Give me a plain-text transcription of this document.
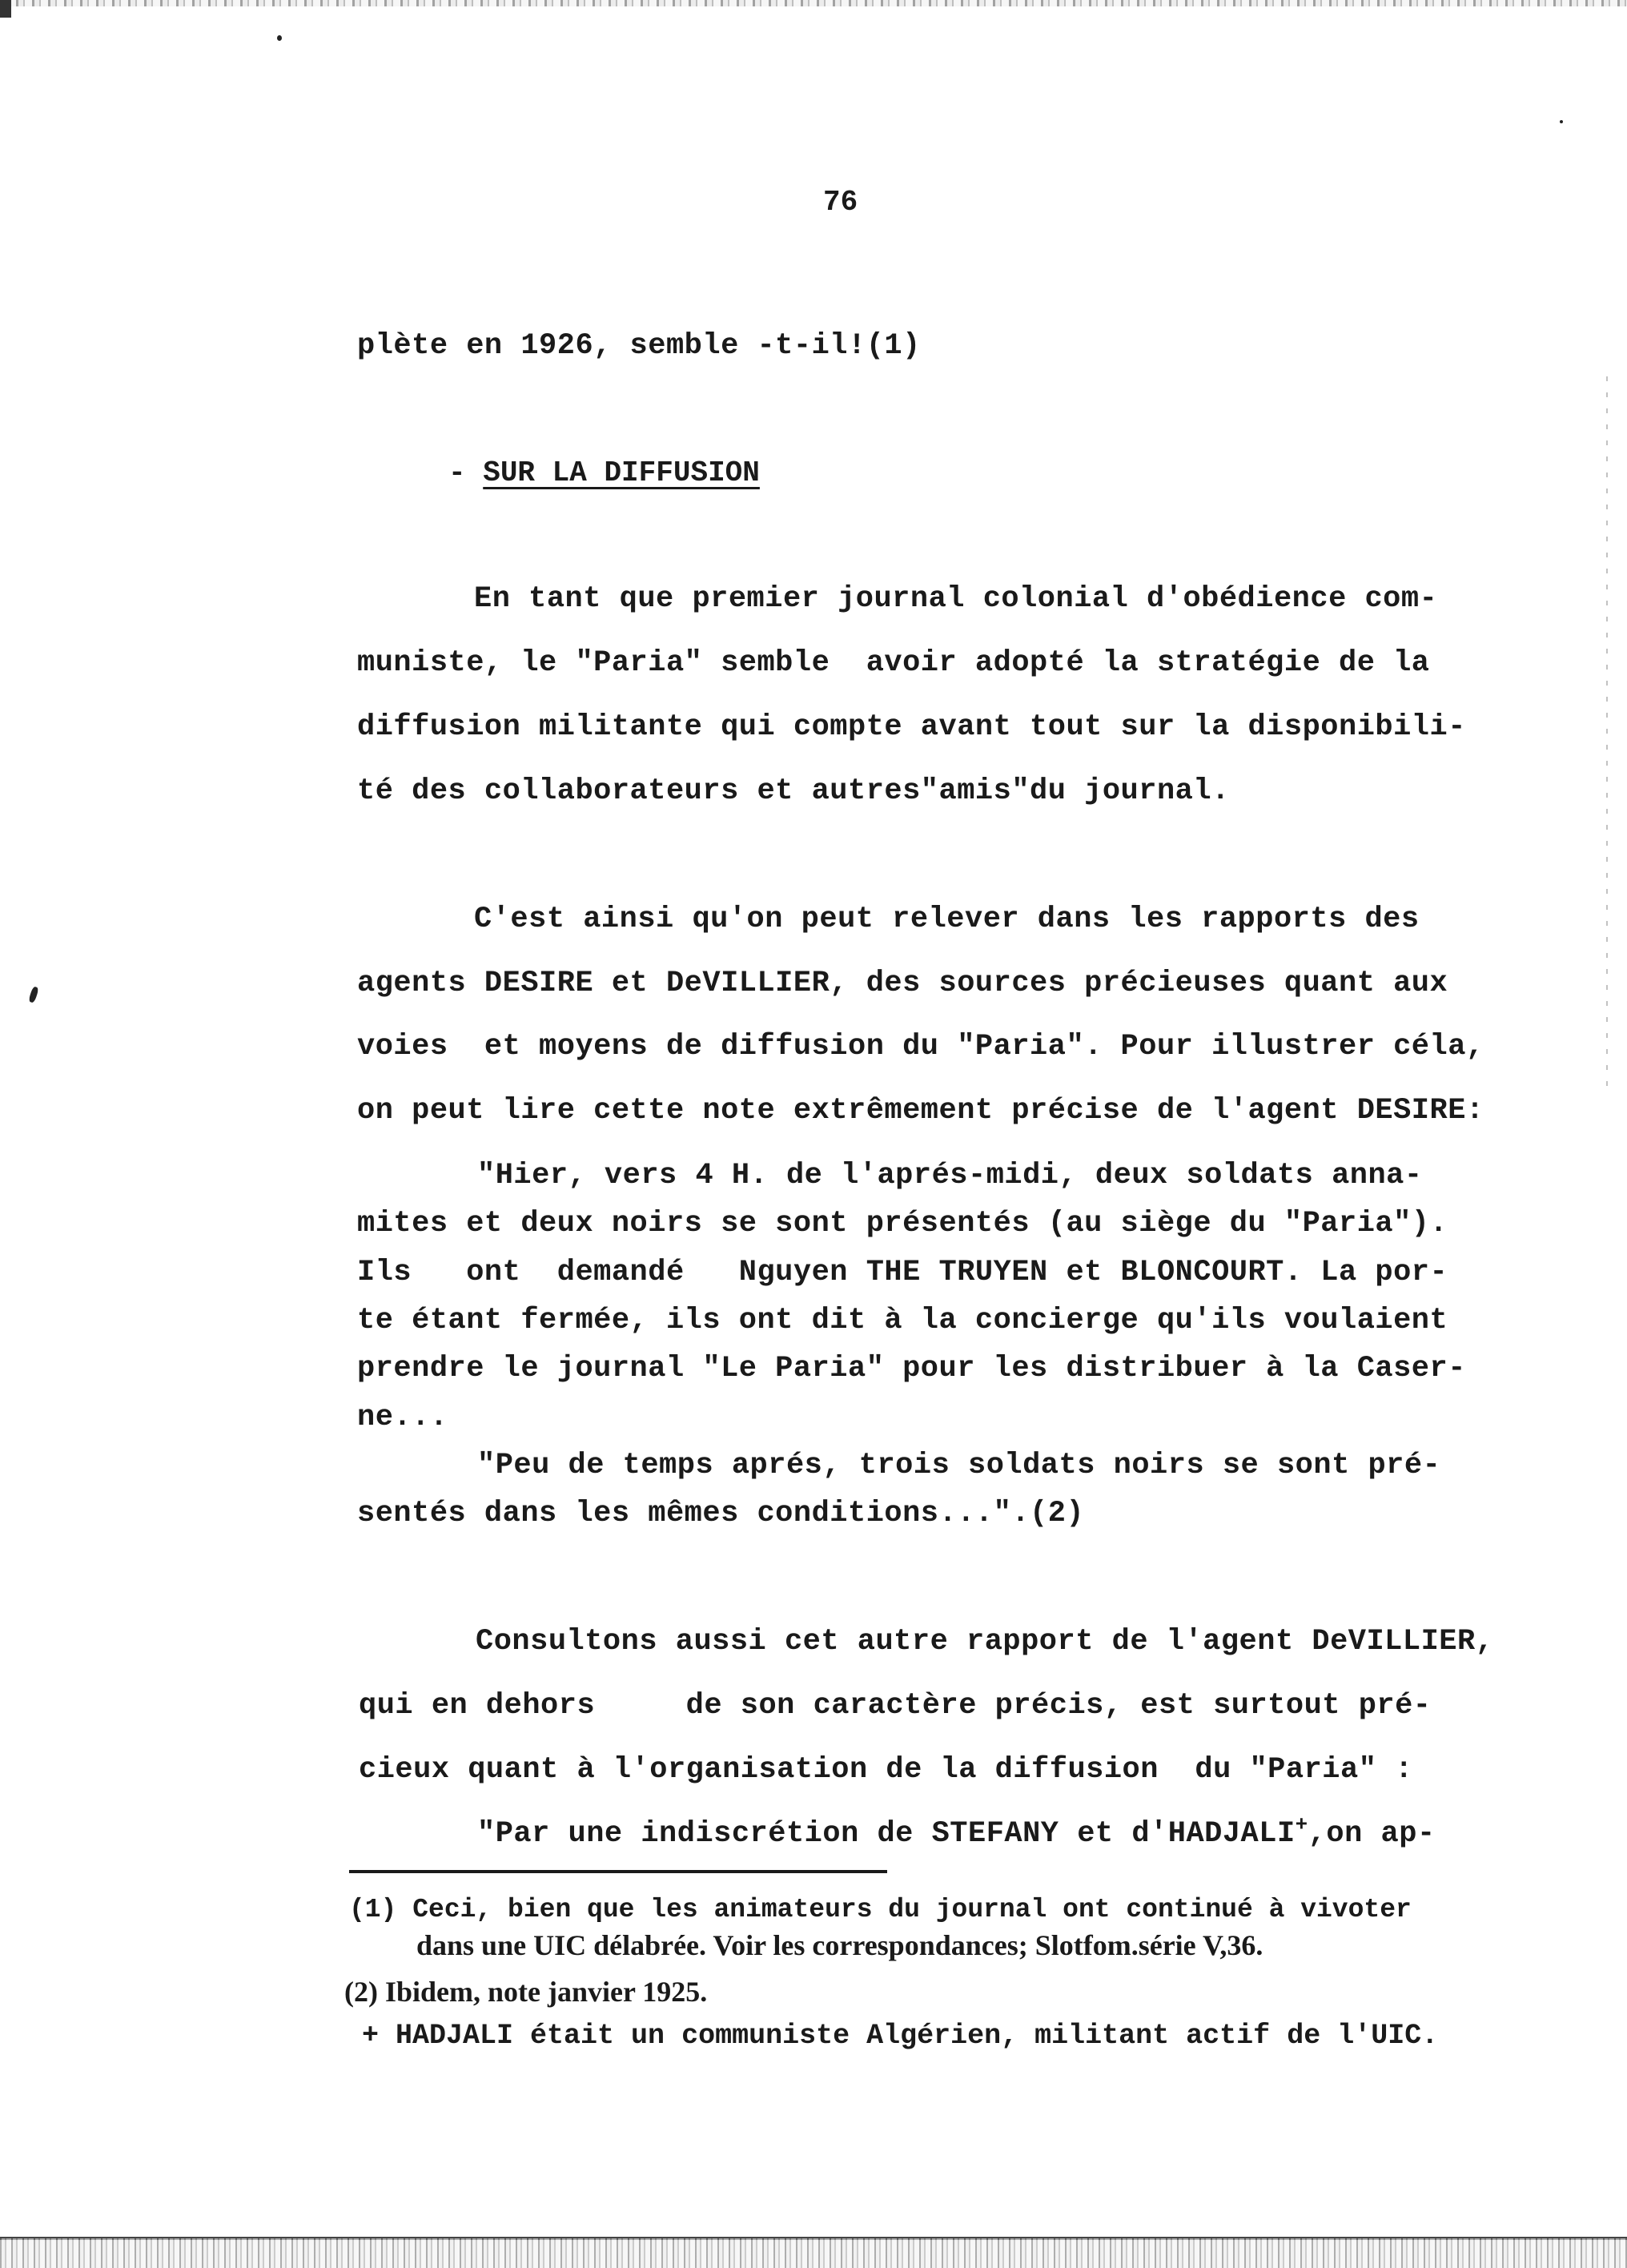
76
plète en 1926, semble -t-il!(1)
- SUR LA DIFFUSION
En tant que premier journal colonial d'obédience com-
muniste, le "Paria" semble  avoir adopté la stratégie de la
diffusion militante qui compte avant tout sur la disponibili-
té des collaborateurs et autres"amis"du journal.
C'est ainsi qu'on peut relever dans les rapports des
agents DESIRE et DeVILLIER, des sources précieuses quant aux
voies  et moyens de diffusion du "Paria". Pour illustrer céla,
on peut lire cette note extrêmement précise de l'agent DESIRE:
"Hier, vers 4 H. de l'aprés-midi, deux soldats anna-
mites et deux noirs se sont présentés (au siège du "Paria").
Ils   ont  demandé   Nguyen THE TRUYEN et BLONCOURT. La por-
te étant fermée, ils ont dit à la concierge qu'ils voulaient
prendre le journal "Le Paria" pour les distribuer à la Caser-
ne...
"Peu de temps aprés, trois soldats noirs se sont pré-
sentés dans les mêmes conditions...".(2)
Consultons aussi cet autre rapport de l'agent DeVILLIER,
qui en dehors     de son caractère précis, est surtout pré-
cieux quant à l'organisation de la diffusion  du "Paria" :
"Par une indiscrétion de STEFANY et d'HADJALI+,on ap-
(1) Ceci, bien que les animateurs du journal ont continué à vivoter
dans une UIC délabrée. Voir les correspondances; Slotfom.série V,36.
(2) Ibidem, note janvier 1925.
+ HADJALI était un communiste Algérien, militant actif de l'UIC.
